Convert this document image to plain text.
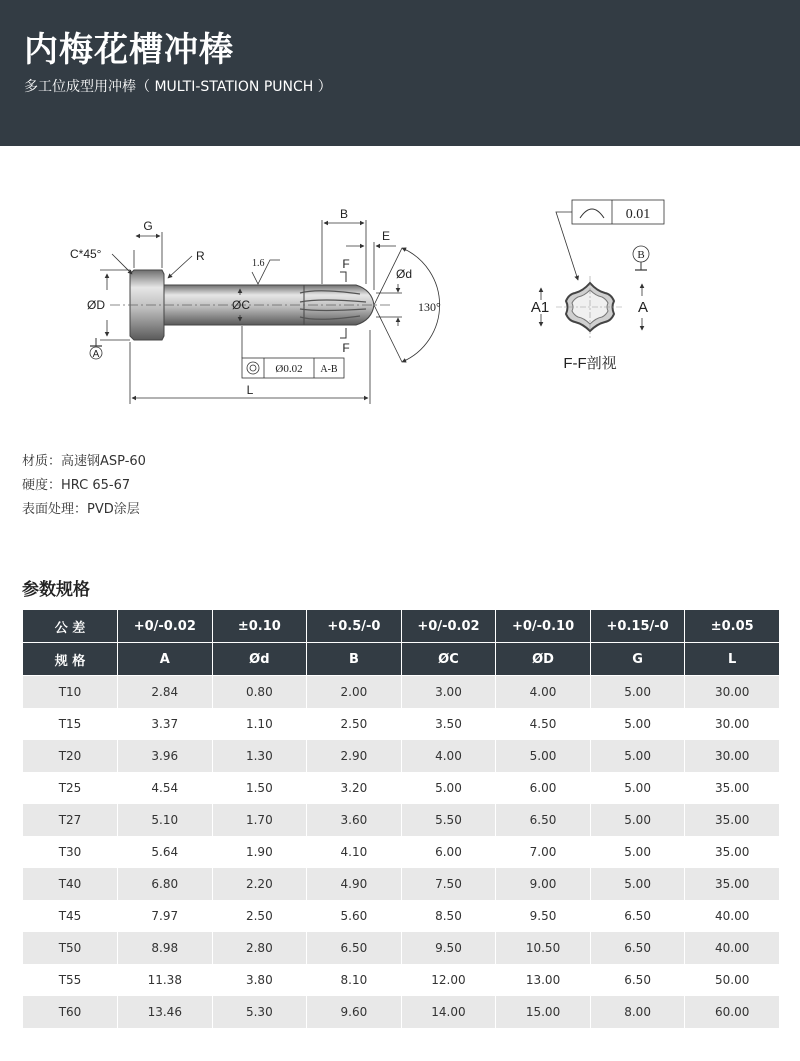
内梅花槽冲棒
多工位成型用冲棒（ MULTI-STATION PUNCH ）
G
C*45°	R
B
E
F
F
Ød
130°
ØD
A
ØC
1.6
Ø0.02 A-B
L
0.01
B
A1	A
F-F剖视
材质：高速钢ASP-60
硬度：HRC 65-67
表面处理：PVD涂层
参数规格
公 差	+0/-0.02	±0.10	+0.5/-0	+0/-0.02	+0/-0.10	+0.15/-0	±0.05
规 格	A	Ød	B	ØC	ØD	G	L
T10	2.84	0.80	2.00	3.00	4.00	5.00	30.00
T15	3.37	1.10	2.50	3.50	4.50	5.00	30.00
T20	3.96	1.30	2.90	4.00	5.00	5.00	30.00
T25	4.54	1.50	3.20	5.00	6.00	5.00	35.00
T27	5.10	1.70	3.60	5.50	6.50	5.00	35.00
T30	5.64	1.90	4.10	6.00	7.00	5.00	35.00
T40	6.80	2.20	4.90	7.50	9.00	5.00	35.00
T45	7.97	2.50	5.60	8.50	9.50	6.50	40.00
T50	8.98	2.80	6.50	9.50	10.50	6.50	40.00
T55	11.38	3.80	8.10	12.00	13.00	6.50	50.00
T60	13.46	5.30	9.60	14.00	15.00	8.00	60.00
